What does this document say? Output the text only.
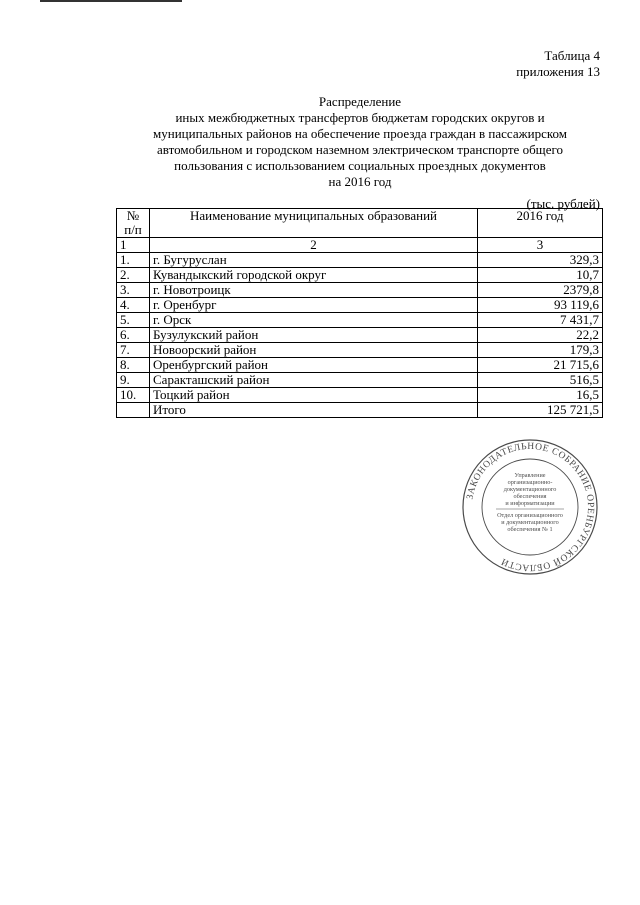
Таблица 4
приложения 13
Распределение
иных межбюджетных трансфертов бюджетам городских округов и
муниципальных районов на обеспечение проезда граждан в пассажирском
автомобильном и городском наземном электрическом транспорте общего
пользования с использованием социальных проездных документов
на 2016 год
(тыс. рублей)
№
п/п	Наименование муниципальных образований	2016 год
1	2	3
1.	г. Бугуруслан	329,3
2.	Кувандыкский городской округ	10,7
3.	г. Новотроицк	2379,8
4.	г. Оренбург	93 119,6
5.	г. Орск	7 431,7
6.	Бузулукский район	22,2
7.	Новоорский район	179,3
8.	Оренбургский район	21 715,6
9.	Саракташский район	516,5
10.	Тоцкий район	16,5
	Итого	125 721,5
ЗАКОНОДАТЕЛЬНОЕ СОБРАНИЕ ОРЕНБУРГСКОЙ ОБЛАСТИ
Управление
организационно-
документационного
обеспечения
и информатизации
Отдел организационного
и документационного
обеспечения № 1
